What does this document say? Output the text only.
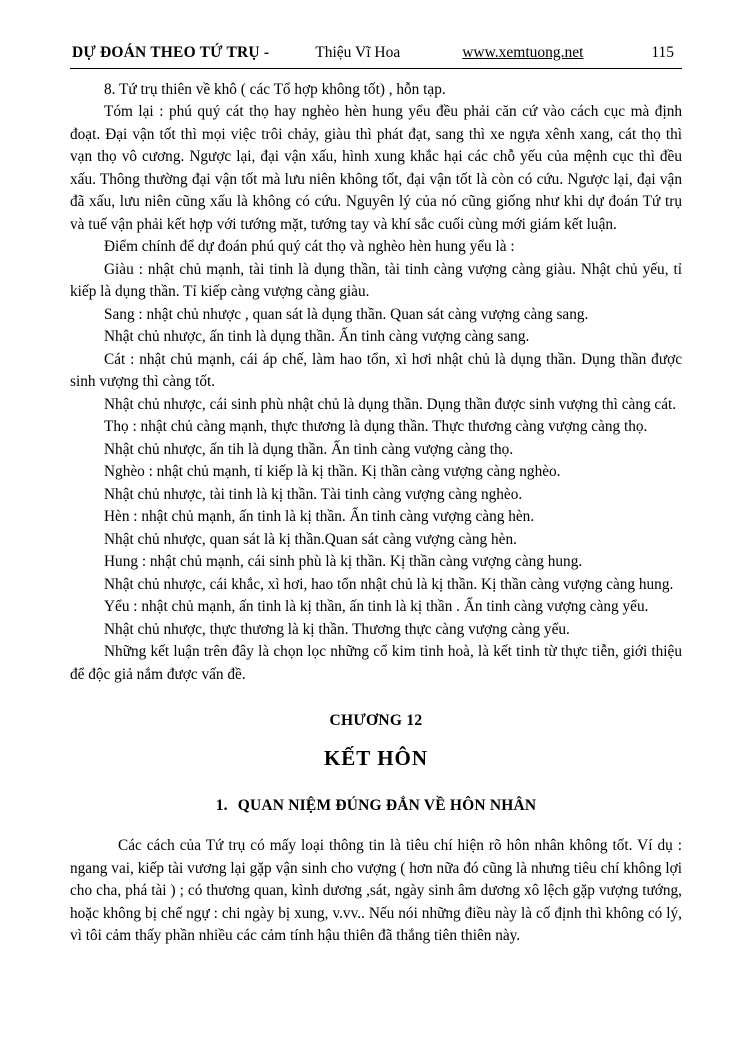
DỰ ĐOÁN THEO TỨ TRỤ -	Thiệu Vĩ Hoa	www.xemtuong.net	115

8. Tứ trụ thiên về khô ( các Tổ hợp không tốt) , hỗn tạp.

Tóm lại : phú quý cát thọ hay nghèo hèn hung yểu đều phải căn cứ vào cách cục mà định đoạt. Đại vận tốt thì mọi việc trôi chảy, giàu thì phát đạt, sang thì xe ngựa xênh xang, cát thọ thì vạn thọ vô cương. Ngược lại, đại vận xấu, hình xung khắc hại các chỗ yếu của mệnh cục thì đều xấu. Thông thường đại vận tốt mà lưu niên không tốt, đại vận tốt là còn có cứu. Ngược lại, đại vận đã xấu, lưu niên cũng xấu là không có cứu. Nguyên lý của nó cũng giống như khi dự đoán Tứ trụ và tuế vận phải kết hợp với tướng mặt, tướng tay và khí sắc cuối cùng mới giám kết luận.

Điểm chính để dự đoán phú quý cát thọ và nghèo hèn hung yểu là :

Giàu : nhật chủ mạnh, tài tinh là dụng thần, tài tinh càng vượng càng giàu. Nhật chủ yếu, tỉ kiếp là dụng thần. Tỉ kiếp càng vượng càng giàu.

Sang : nhật chủ nhược , quan sát là dụng thần. Quan sát càng vượng càng sang.

Nhật chủ nhược, ấn tinh là dụng thần. Ấn tinh càng vượng càng sang.

Cát : nhật chủ mạnh, cái áp chế, làm hao tổn, xì hơi nhật chủ là dụng thần. Dụng thần được sinh vượng thì càng tốt.

Nhật chủ nhược, cái sinh phù nhật chủ là dụng thần. Dụng thần được sinh vượng thì càng cát.

Thọ : nhật chủ càng mạnh, thực thương là dụng thần. Thực thương càng vượng càng thọ.

Nhật chủ nhược, ấn tih là dụng thần. Ấn tinh càng vượng càng thọ.

Nghèo : nhật chủ mạnh, tỉ kiếp là kị thần. Kị thần càng vượng càng nghèo.

Nhật chủ nhược, tài tinh là kị thần. Tài tinh càng vượng càng nghèo.

Hèn : nhật chủ mạnh, ấn tinh là kị thần. Ấn tinh càng vượng càng hèn.

Nhật chủ nhược, quan sát là kị thần.Quan sát càng vượng càng hèn.

Hung : nhật chủ mạnh, cái sinh phù là kị thần. Kị thần càng vượng càng hung.

Nhật chủ nhược, cái khắc, xì hơi, hao tổn nhật chủ là kị thần. Kị thần càng vượng càng hung.

Yểu : nhật chủ mạnh, ấn tinh là kị thần, ấn tinh là kị thần . Ấn tinh càng vượng càng yểu.

Nhật chủ nhược, thực thương là kị thần. Thương thực càng vượng càng yểu.

Những kết luận trên đây là chọn lọc những cổ kim tinh hoà, là kết tinh từ thực tiễn, giới thiệu để độc giả nắm được vấn đề.

CHƯƠNG 12
KẾT HÔN
1. QUAN NIỆM ĐÚNG ĐẮN VỀ HÔN NHÂN

Các cách của Tứ trụ có mấy loại thông tin là tiêu chí hiện rõ hôn nhân không tốt. Ví dụ : ngang vai, kiếp tài vương lại gặp vận sinh cho vượng ( hơn nữa đó cũng là nhưng tiêu chí không lợi cho cha, phá tài ) ; có thương quan, kình dương ,sát, ngày sinh âm dương xô lệch gặp vượng tướng, hoặc không bị chế ngự : chi ngày bị xung, v.vv.. Nếu nói những điều này là cố định thì không có lý, vì tôi cảm thấy phần nhiều các cảm tính hậu thiên đã thắng tiên thiên này.
